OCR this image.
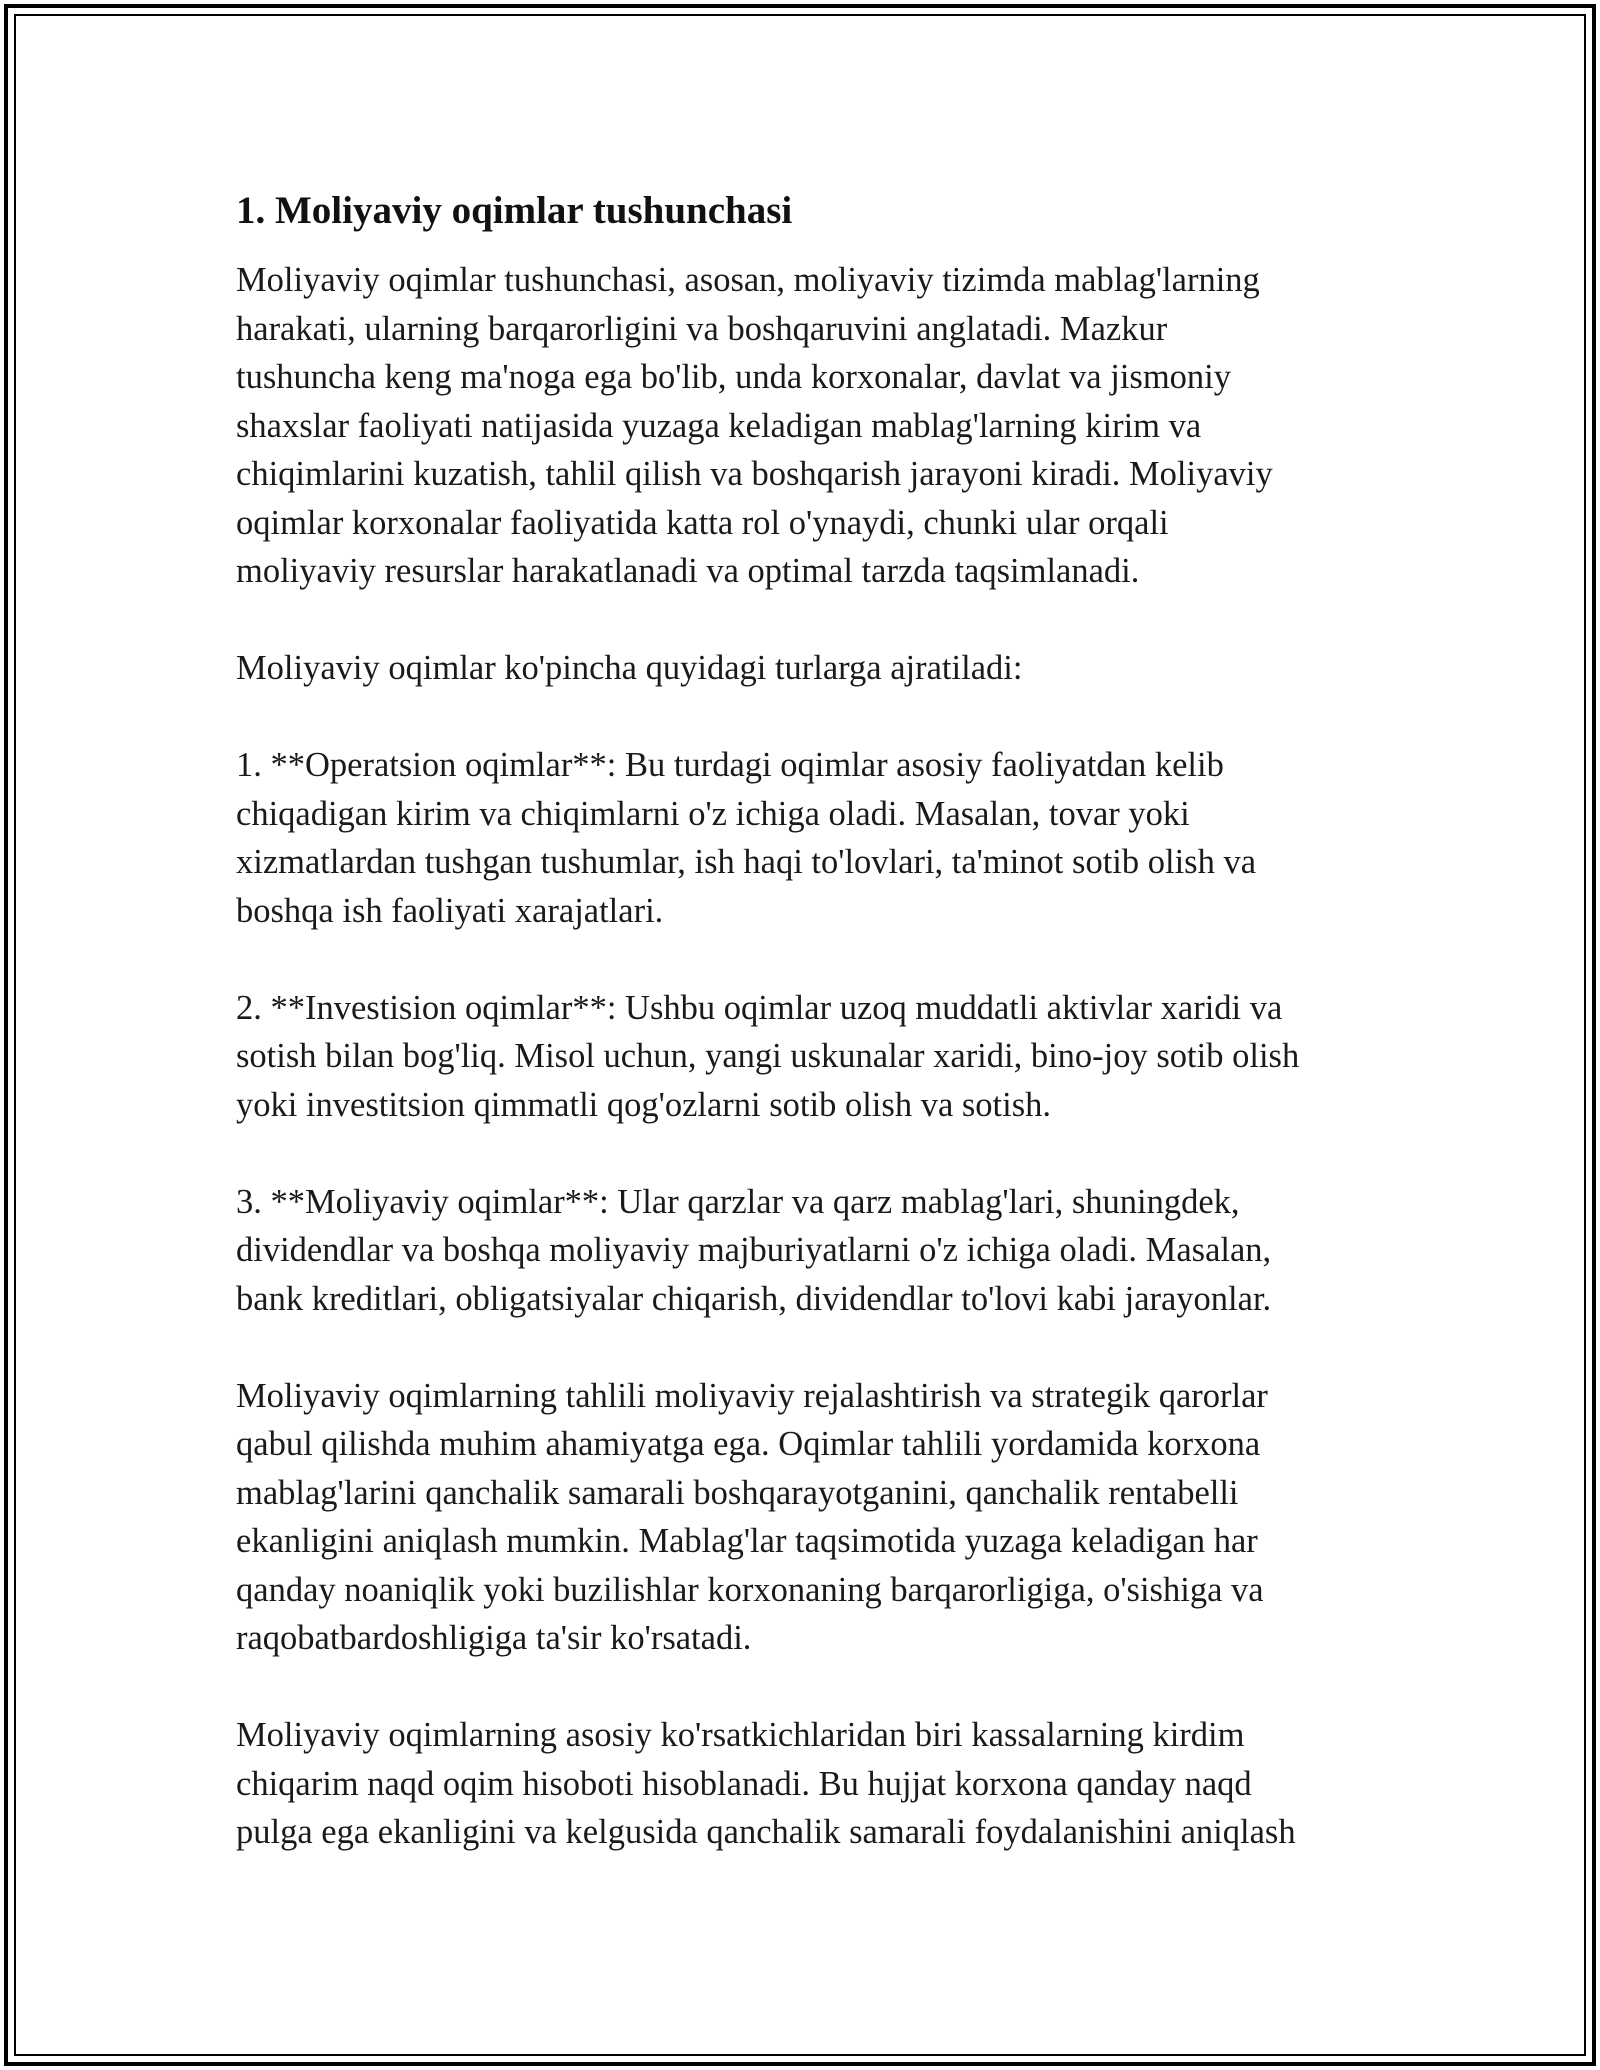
1. Moliyaviy oqimlar tushunchasi

Moliyaviy oqimlar tushunchasi, asosan, moliyaviy tizimda mablag'larning
harakati, ularning barqarorligini va boshqaruvini anglatadi. Mazkur
tushuncha keng ma'noga ega bo'lib, unda korxonalar, davlat va jismoniy
shaxslar faoliyati natijasida yuzaga keladigan mablag'larning kirim va
chiqimlarini kuzatish, tahlil qilish va boshqarish jarayoni kiradi. Moliyaviy
oqimlar korxonalar faoliyatida katta rol o'ynaydi, chunki ular orqali
moliyaviy resurslar harakatlanadi va optimal tarzda taqsimlanadi.

Moliyaviy oqimlar ko'pincha quyidagi turlarga ajratiladi:

1. **Operatsion oqimlar**: Bu turdagi oqimlar asosiy faoliyatdan kelib
chiqadigan kirim va chiqimlarni o'z ichiga oladi. Masalan, tovar yoki
xizmatlardan tushgan tushumlar, ish haqi to'lovlari, ta'minot sotib olish va
boshqa ish faoliyati xarajatlari.

2. **Investision oqimlar**: Ushbu oqimlar uzoq muddatli aktivlar xaridi va
sotish bilan bog'liq. Misol uchun, yangi uskunalar xaridi, bino-joy sotib olish
yoki investitsion qimmatli qog'ozlarni sotib olish va sotish.

3. **Moliyaviy oqimlar**: Ular qarzlar va qarz mablag'lari, shuningdek,
dividendlar va boshqa moliyaviy majburiyatlarni o'z ichiga oladi. Masalan,
bank kreditlari, obligatsiyalar chiqarish, dividendlar to'lovi kabi jarayonlar.

Moliyaviy oqimlarning tahlili moliyaviy rejalashtirish va strategik qarorlar
qabul qilishda muhim ahamiyatga ega. Oqimlar tahlili yordamida korxona
mablag'larini qanchalik samarali boshqarayotganini, qanchalik rentabelli
ekanligini aniqlash mumkin. Mablag'lar taqsimotida yuzaga keladigan har
qanday noaniqlik yoki buzilishlar korxonaning barqarorligiga, o'sishiga va
raqobatbardoshligiga ta'sir ko'rsatadi.

Moliyaviy oqimlarning asosiy ko'rsatkichlaridan biri kassalarning kirdim
chiqarim naqd oqim hisoboti hisoblanadi. Bu hujjat korxona qanday naqd
pulga ega ekanligini va kelgusida qanchalik samarali foydalanishini aniqlash
